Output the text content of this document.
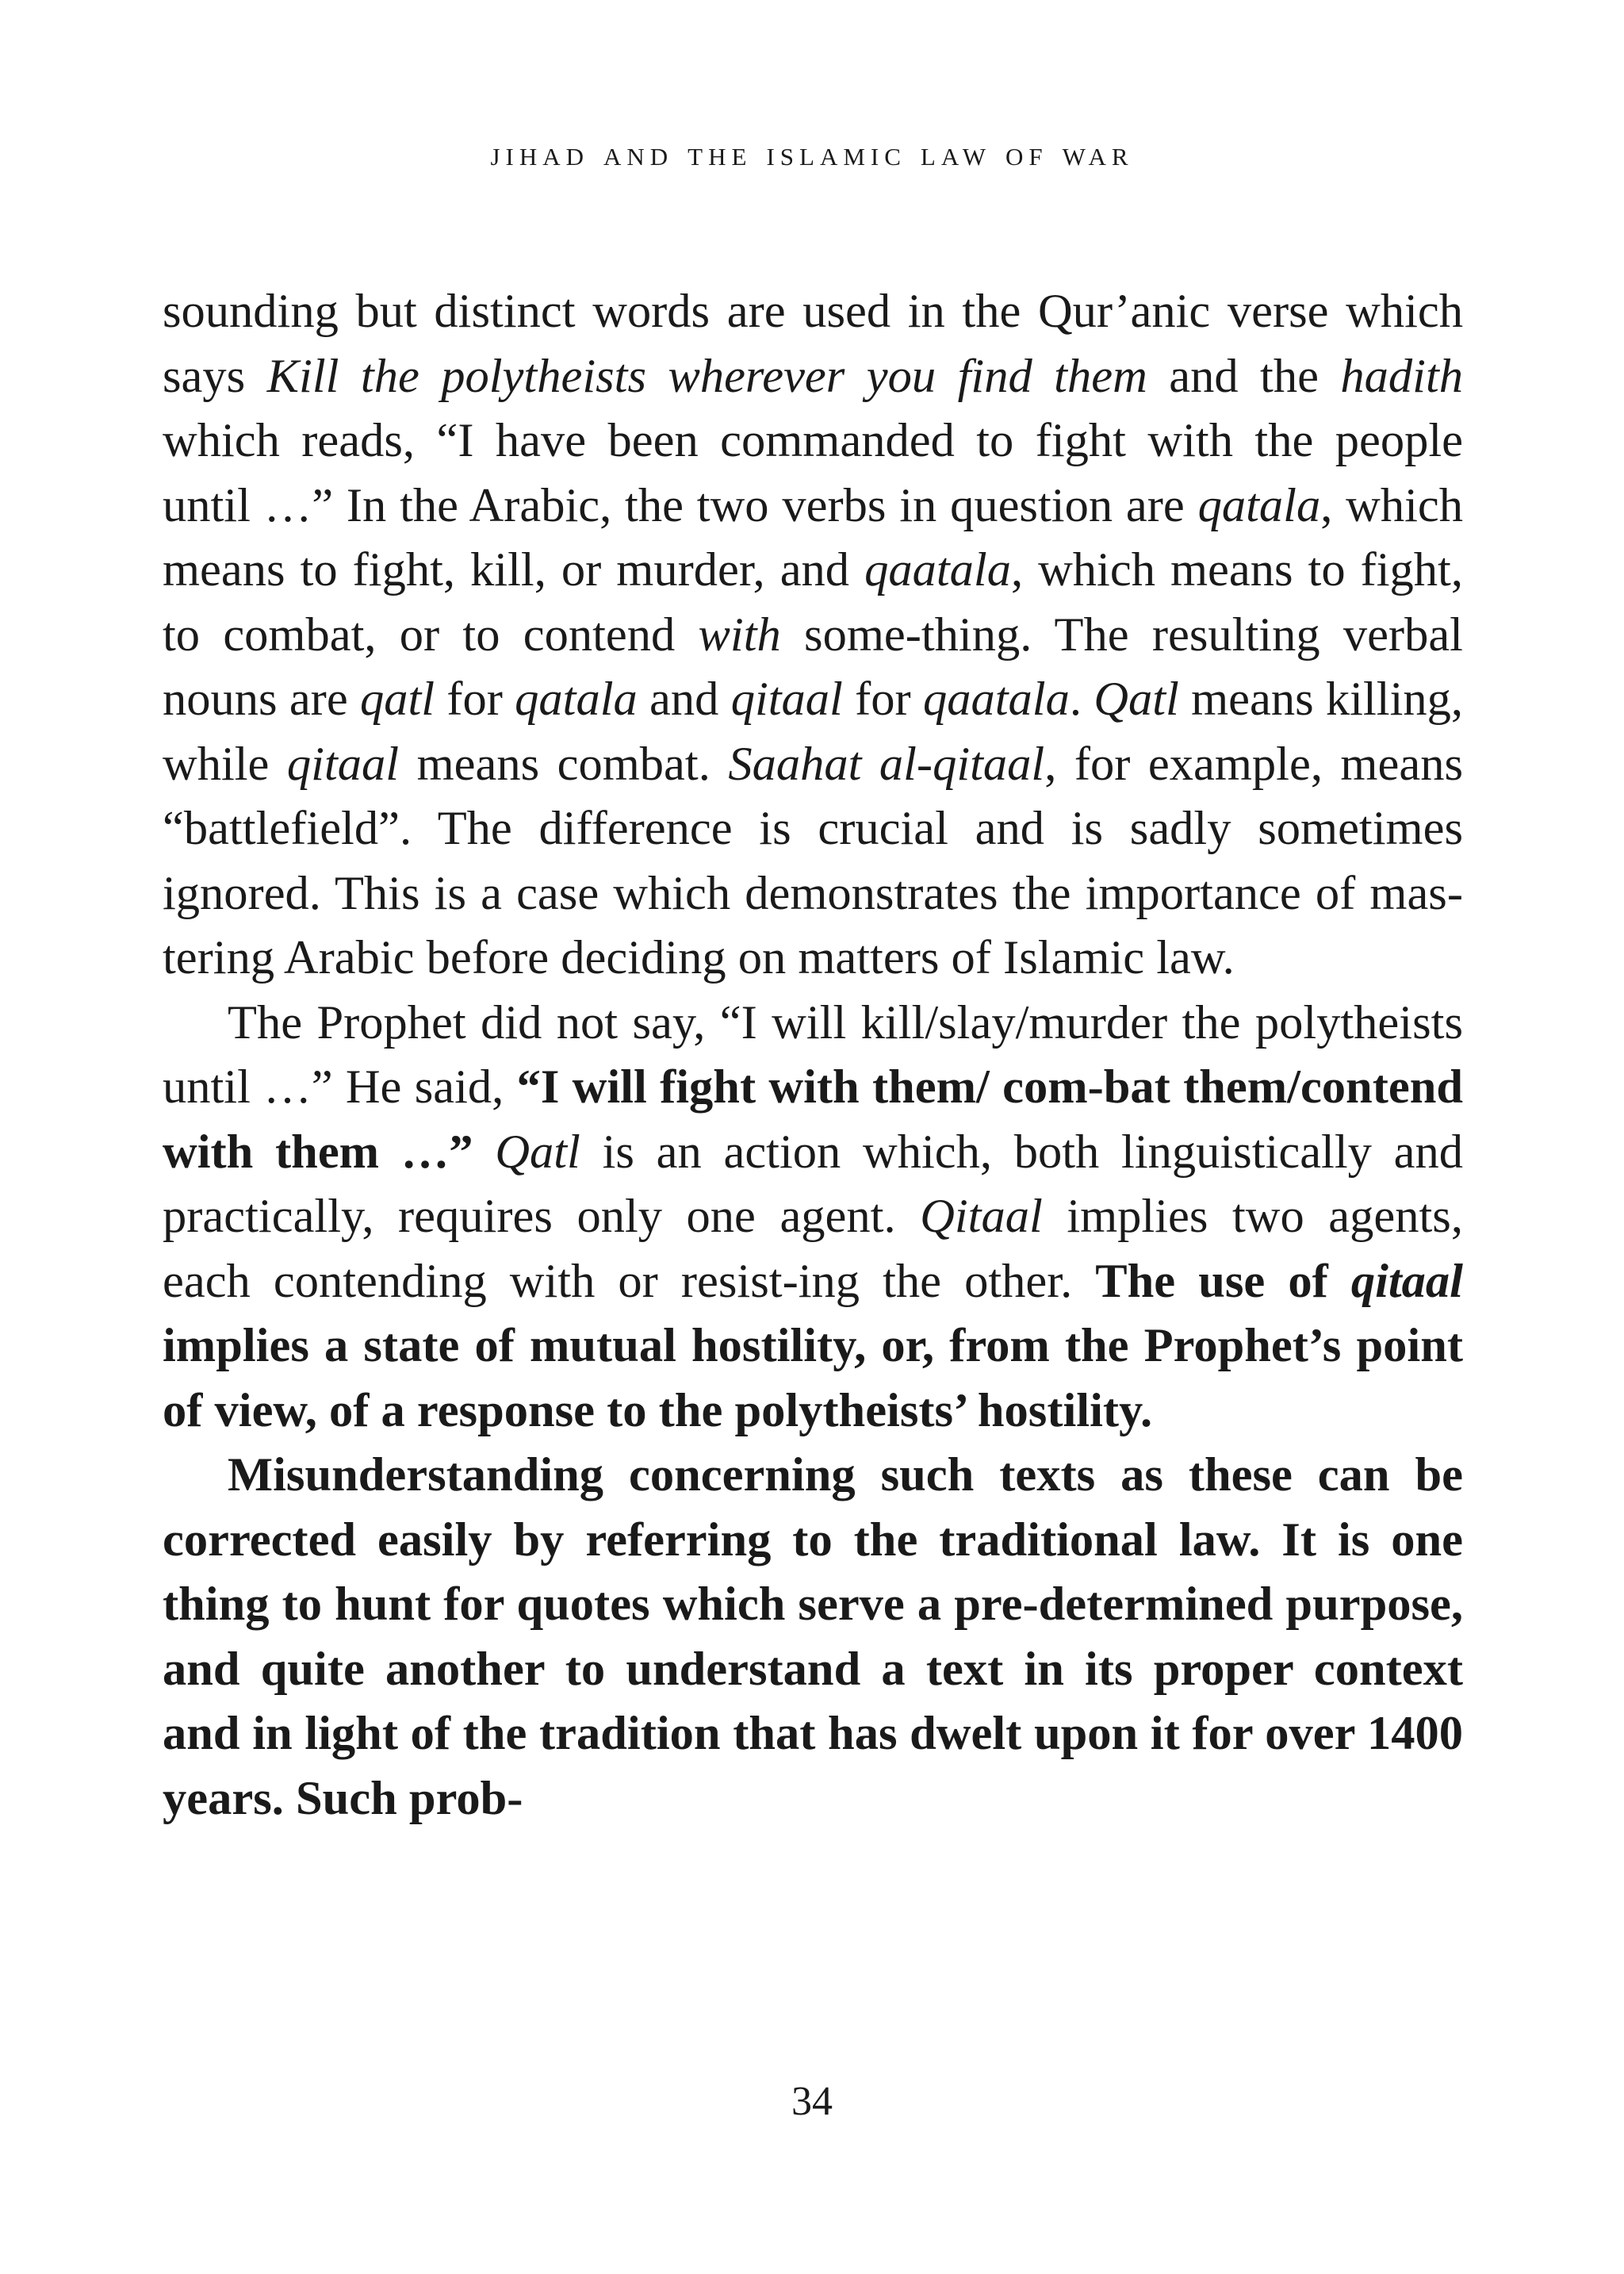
jihad and the islamic law of war

sounding but distinct words are used in the Qur’anic verse which says Kill the polytheists wherever you find them and the hadith which reads, “I have been commanded to fight with the people until …” In the Arabic, the two verbs in question are qatala, which means to fight, kill, or murder, and qaatala, which means to fight, to combat, or to contend with some-thing. The resulting verbal nouns are qatl for qatala and qitaal for qaatala. Qatl means killing, while qitaal means combat. Saahat al-qitaal, for example, means “battlefield”. The difference is crucial and is sadly sometimes ignored. This is a case which demonstrates the importance of mas-tering Arabic before deciding on matters of Islamic law.

The Prophet did not say, “I will kill/slay/murder the polytheists until …” He said, “I will fight with them/ com-bat them/contend with them …” Qatl is an action which, both linguistically and practically, requires only one agent. Qitaal implies two agents, each contending with or resist-ing the other. The use of qitaal implies a state of mutual hostility, or, from the Prophet’s point of view, of a response to the polytheists’ hostility.

Misunderstanding concerning such texts as these can be corrected easily by referring to the traditional law. It is one thing to hunt for quotes which serve a pre-determined purpose, and quite another to understand a text in its proper context and in light of the tradition that has dwelt upon it for over 1400 years. Such prob-

34
